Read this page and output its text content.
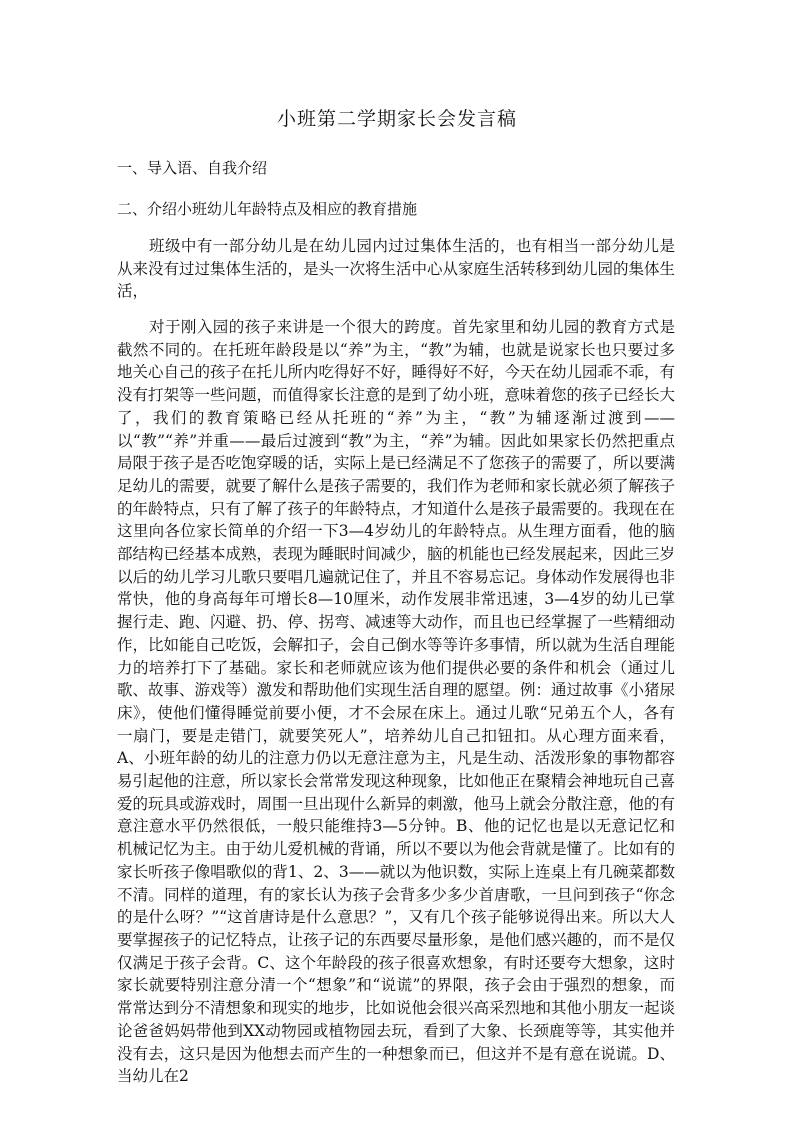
小班第二学期家长会发言稿
一、导入语、自我介绍
二、介绍小班幼儿年龄特点及相应的教育措施
班级中有一部分幼儿是在幼儿园内过过集体生活的，也有相当一部分幼儿是从来没有过过集体生活的，是头一次将生活中心从家庭生活转移到幼儿园的集体生活，
对于刚入园的孩子来讲是一个很大的跨度。首先家里和幼儿园的教育方式是截然不同的。在托班年龄段是以“养”为主，“教”为辅，也就是说家长也只要过多地关心自己的孩子在托儿所内吃得好不好，睡得好不好，今天在幼儿园乖不乖，有没有打架等一些问题，而值得家长注意的是到了幼小班，意味着您的孩子已经长大了，我们的教育策略已经从托班的“养”为主，“教”为辅逐渐过渡到——以“教”“养”并重——最后过渡到“教”为主，“养”为辅。因此如果家长仍然把重点局限于孩子是否吃饱穿暖的话，实际上是已经满足不了您孩子的需要了，所以要满足幼儿的需要，就要了解什么是孩子需要的，我们作为老师和家长就必须了解孩子的年龄特点，只有了解了孩子的年龄特点，才知道什么是孩子最需要的。我现在在这里向各位家长简单的介绍一下3—4岁幼儿的年龄特点。从生理方面看，他的脑部结构已经基本成熟，表现为睡眠时间减少，脑的机能也已经发展起来，因此三岁以后的幼儿学习儿歌只要唱几遍就记住了，并且不容易忘记。身体动作发展得也非常快，他的身高每年可增长8—10厘米，动作发展非常迅速，3—4岁的幼儿已掌握行走、跑、闪避、扔、停、拐弯、减速等大动作，而且也已经掌握了一些精细动作，比如能自己吃饭，会解扣子，会自己倒水等等许多事情，所以就为生活自理能力的培养打下了基础。家长和老师就应该为他们提供必要的条件和机会（通过儿歌、故事、游戏等）激发和帮助他们实现生活自理的愿望。例：通过故事《小猪尿床》，使他们懂得睡觉前要小便，才不会尿在床上。通过儿歌“兄弟五个人，各有一扇门，要是走错门，就要笑死人”，培养幼儿自己扣钮扣。从心理方面来看，A、小班年龄的幼儿的注意力仍以无意注意为主，凡是生动、活泼形象的事物都容易引起他的注意，所以家长会常常发现这种现象，比如他正在聚精会神地玩自己喜爱的玩具或游戏时，周围一旦出现什么新异的刺激，他马上就会分散注意，他的有意注意水平仍然很低，一般只能维持3—5分钟。B、他的记忆也是以无意记忆和机械记忆为主。由于幼儿爱机械的背诵，所以不要以为他会背就是懂了。比如有的家长听孩子像唱歌似的背1、2、3——就以为他识数，实际上连桌上有几碗菜都数不清。同样的道理，有的家长认为孩子会背多少多少首唐歌，一旦问到孩子“你念的是什么呀？”“这首唐诗是什么意思？”，又有几个孩子能够说得出来。所以大人要掌握孩子的记忆特点，让孩子记的东西要尽量形象，是他们感兴趣的，而不是仅仅满足于孩子会背。C、这个年龄段的孩子很喜欢想象，有时还要夸大想象，这时家长就要特别注意分清一个“想象”和“说谎”的界限，孩子会由于强烈的想象，而常常达到分不清想象和现实的地步，比如说他会很兴高采烈地和其他小朋友一起谈论爸爸妈妈带他到XX动物园或植物园去玩，看到了大象、长颈鹿等等，其实他并没有去，这只是因为他想去而产生的一种想象而已，但这并不是有意在说谎。D、当幼儿在2
